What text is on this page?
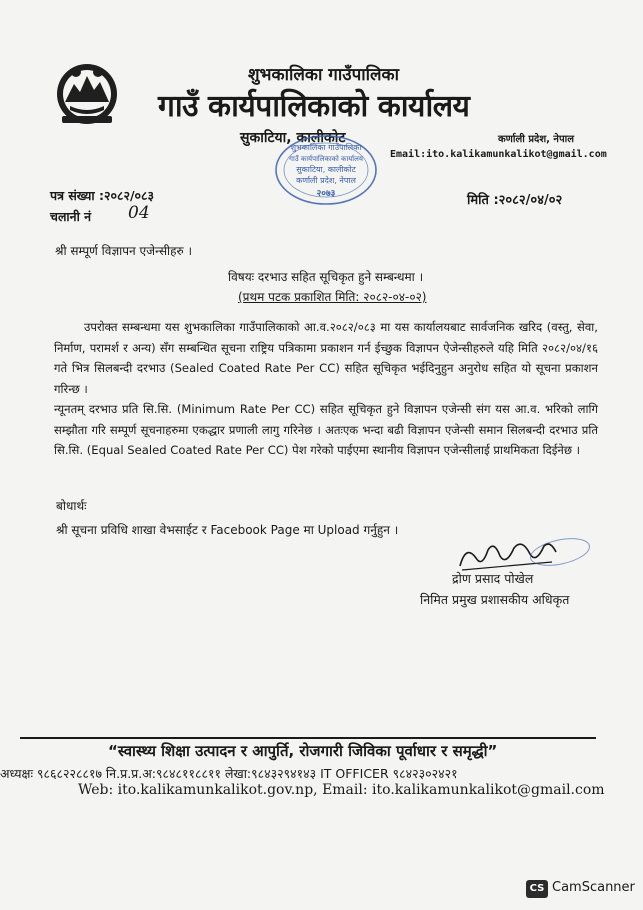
शुभकालिका गाउँपालिका
गाउँ कार्यपालिकाको कार्यालय
सुकाटिया, कालीकोट	कर्णाली प्रदेश, नेपाल
Email:ito.kalikamunkalikot@gmail.com
शुभकालिका गाउँपालिका
गाउँ कार्यपालिकाको कार्यालय
सुकाटिया, कालीकोट
कर्णाली प्रदेश, नेपाल
२०७३
पत्र संख्या :२०८२/०८३
चलानी नं 04
मिति :२०८२/०४/०२
श्री सम्पूर्ण विज्ञापन एजेन्सीहरु ।
विषयः दरभाउ सहित सूचिकृत हुने सम्बन्धमा ।
(प्रथम पटक प्रकाशित मिति: २०८२-०४-०२)
उपरोक्त सम्बन्धमा यस शुभकालिका गाउँपालिकाको आ.व.२०८२/०८३ मा यस कार्यालयबाट सार्वजनिक खरिद (वस्तु, सेवा, निर्माण, परामर्श र अन्य) सँग सम्बन्धित सूचना राष्ट्रिय पत्रिकामा प्रकाशन गर्न ईच्छुक विज्ञापन ऐजेन्सीहरुले यहि मिति २०८२/०४/१६ गते भित्र सिलबन्दी दरभाउ (Sealed Coated Rate Per CC) सहित सूचिकृत भईदिनुहुन अनुरोध सहित यो सूचना प्रकाशन गरिन्छ ।
न्यूनतम् दरभाउ प्रति सि.सि. (Minimum Rate Per CC) सहित सूचिकृत हुने विज्ञापन एजेन्सी संग यस आ.व. भरिको लागि सम्झौता गरि सम्पूर्ण सूचनाहरुमा एकद्धार प्रणाली लागु गरिनेछ । अतःएक भन्दा बढी विज्ञापन एजेन्सी समान सिलबन्दी दरभाउ प्रति सि.सि. (Equal Sealed Coated Rate Per CC) पेश गरेको पाईएमा स्थानीय विज्ञापन एजेन्सीलाई प्राथमिकता दिईनेछ ।
बोधार्थः
श्री सूचना प्रविधि शाखा वेभसाईट र Facebook Page मा Upload गर्नुहुन ।
द्रोण प्रसाद पोखेल
निमित प्रमुख प्रशासकीय अधिकृत
“स्वास्थ्य शिक्षा उत्पादन र आपुर्ति, रोजगारी जिविका पूर्वाधार र समृद्धी”
अध्यक्षः ९८६८२२८८१७ नि.प्र.प्र.अ:९८४८११८८११ लेखा:९८४३२९४१४३ IT OFFICER ९८४२३०२४२१
Web: ito.kalikamunkalikot.gov.np, Email: ito.kalikamunkalikot@gmail.com
CS CamScanner
